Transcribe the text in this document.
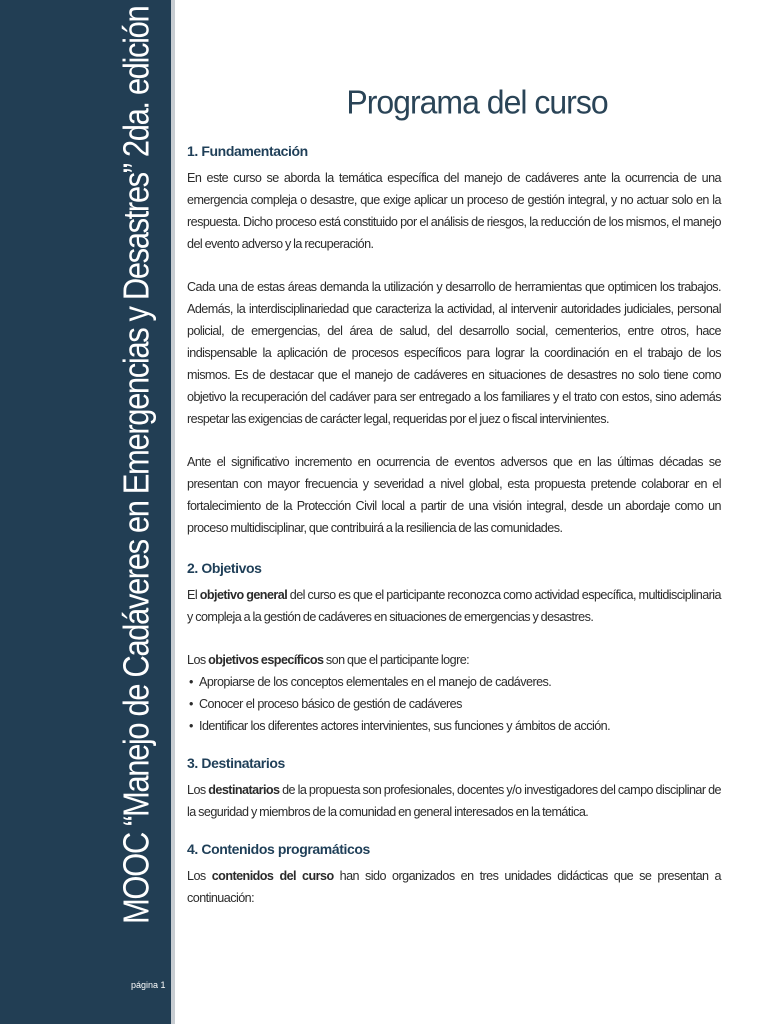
MOOC “Manejo de Cadáveres en Emergencias y Desastres” 2da. edición
página 1
Programa del curso
1. Fundamentación

En este curso se aborda la temática específica del manejo de cadáveres ante la ocurrencia de una emergencia compleja o desastre, que exige aplicar un proceso de gestión integral, y no actuar solo en la respuesta. Dicho proceso está constituido por el análisis de riesgos, la reducción de los mismos, el manejo del evento adverso y la recuperación.

Cada una de estas áreas demanda la utilización y desarrollo de herramientas que optimicen los trabajos. Además, la interdisciplinariedad que caracteriza la actividad, al intervenir autoridades judiciales, personal policial, de emergencias, del área de salud, del desarrollo social, cementerios, entre otros, hace indispensable la aplicación de procesos específicos para lograr la coordinación en el trabajo de los mismos. Es de destacar que el manejo de cadáveres en situaciones de desastres no solo tiene como objetivo la recuperación del cadáver para ser entregado a los familiares y el trato con estos, sino además respetar las exigencias de carácter legal, requeridas por el juez o fiscal intervinientes.

Ante el significativo incremento en ocurrencia de eventos adversos que en las últimas décadas se presentan con mayor frecuencia y severidad a nivel global, esta propuesta pretende colaborar en el fortalecimiento de la Protección Civil local a partir de una visión integral, desde un abordaje como un proceso multidisciplinar, que contribuirá a la resiliencia de las comunidades.

2. Objetivos

El objetivo general del curso es que el participante reconozca como actividad específica, multidisciplinaria y compleja a la gestión de cadáveres en situaciones de emergencias y desastres.

Los objetivos específicos son que el participante logre:

• Apropiarse de los conceptos elementales en el manejo de cadáveres.
• Conocer el proceso básico de gestión de cadáveres
• Identificar los diferentes actores intervinientes, sus funciones y ámbitos de acción.
3. Destinatarios

Los destinatarios de la propuesta son profesionales, docentes y/o investigadores del campo disciplinar de la seguridad y miembros de la comunidad en general interesados en la temática.

4. Contenidos programáticos

Los contenidos del curso han sido organizados en tres unidades didácticas que se presentan a continuación:
